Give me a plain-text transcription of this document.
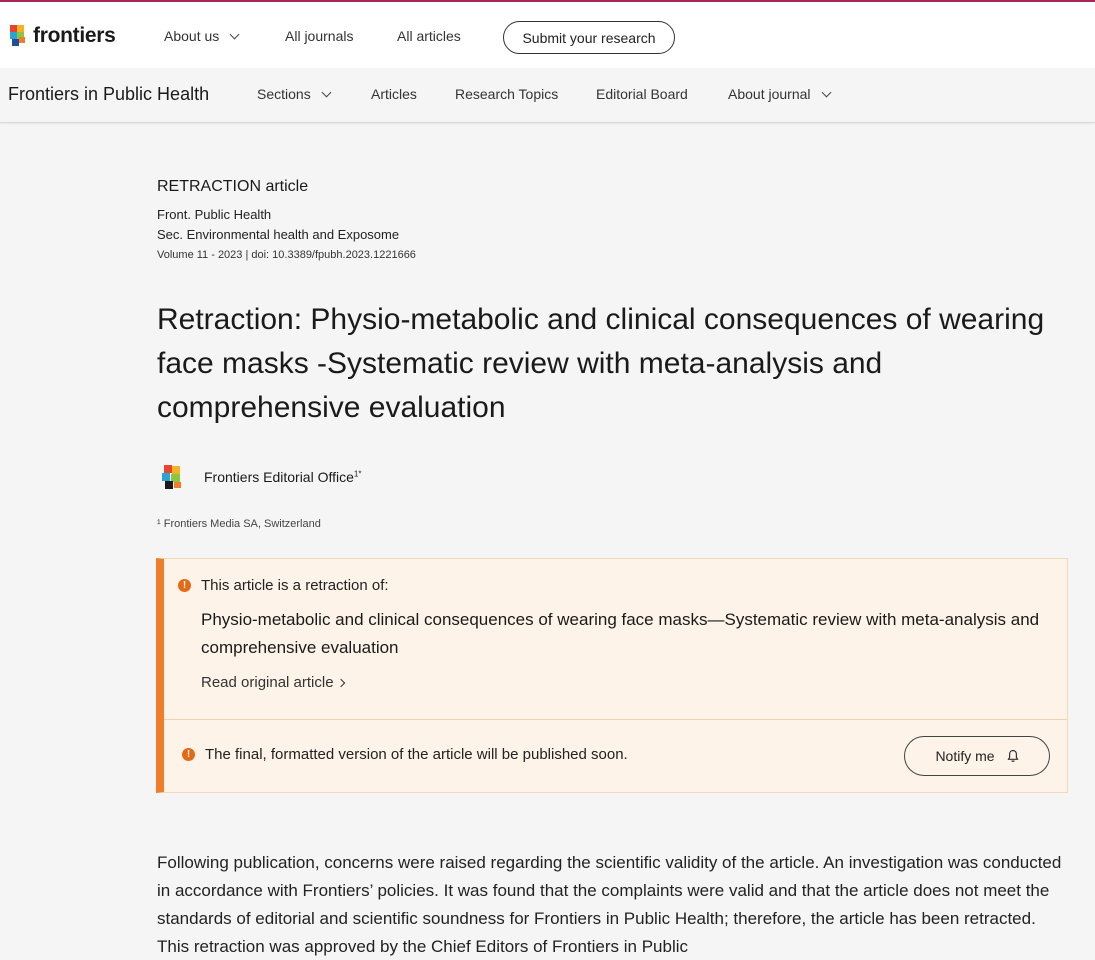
frontiers	About us	All journals	All articles	Submit your research
Frontiers in Public Health	Sections	Articles	Research Topics	Editorial Board	About journal
RETRACTION article
Front. Public Health
Sec. Environmental health and Exposome
Volume 11 - 2023 | doi: 10.3389/fpubh.2023.1221666
Retraction: Physio-metabolic and clinical consequences of wearing face masks -Systematic review with meta-analysis and comprehensive evaluation
Frontiers Editorial Office$^{1*}$
¹ Frontiers Media SA, Switzerland
! This article is a retraction of:
Physio-metabolic and clinical consequences of wearing face masks—Systematic review with meta-analysis and comprehensive evaluation
Read original article
! The final, formatted version of the article will be published soon.	Notify me

Following publication, concerns were raised regarding the scientific validity of the article. An investigation was conducted in accordance with Frontiers’ policies. It was found that the complaints were valid and that the article does not meet the standards of editorial and scientific soundness for Frontiers in Public Health; therefore, the article has been retracted. This retraction was approved by the Chief Editors of Frontiers in Public
